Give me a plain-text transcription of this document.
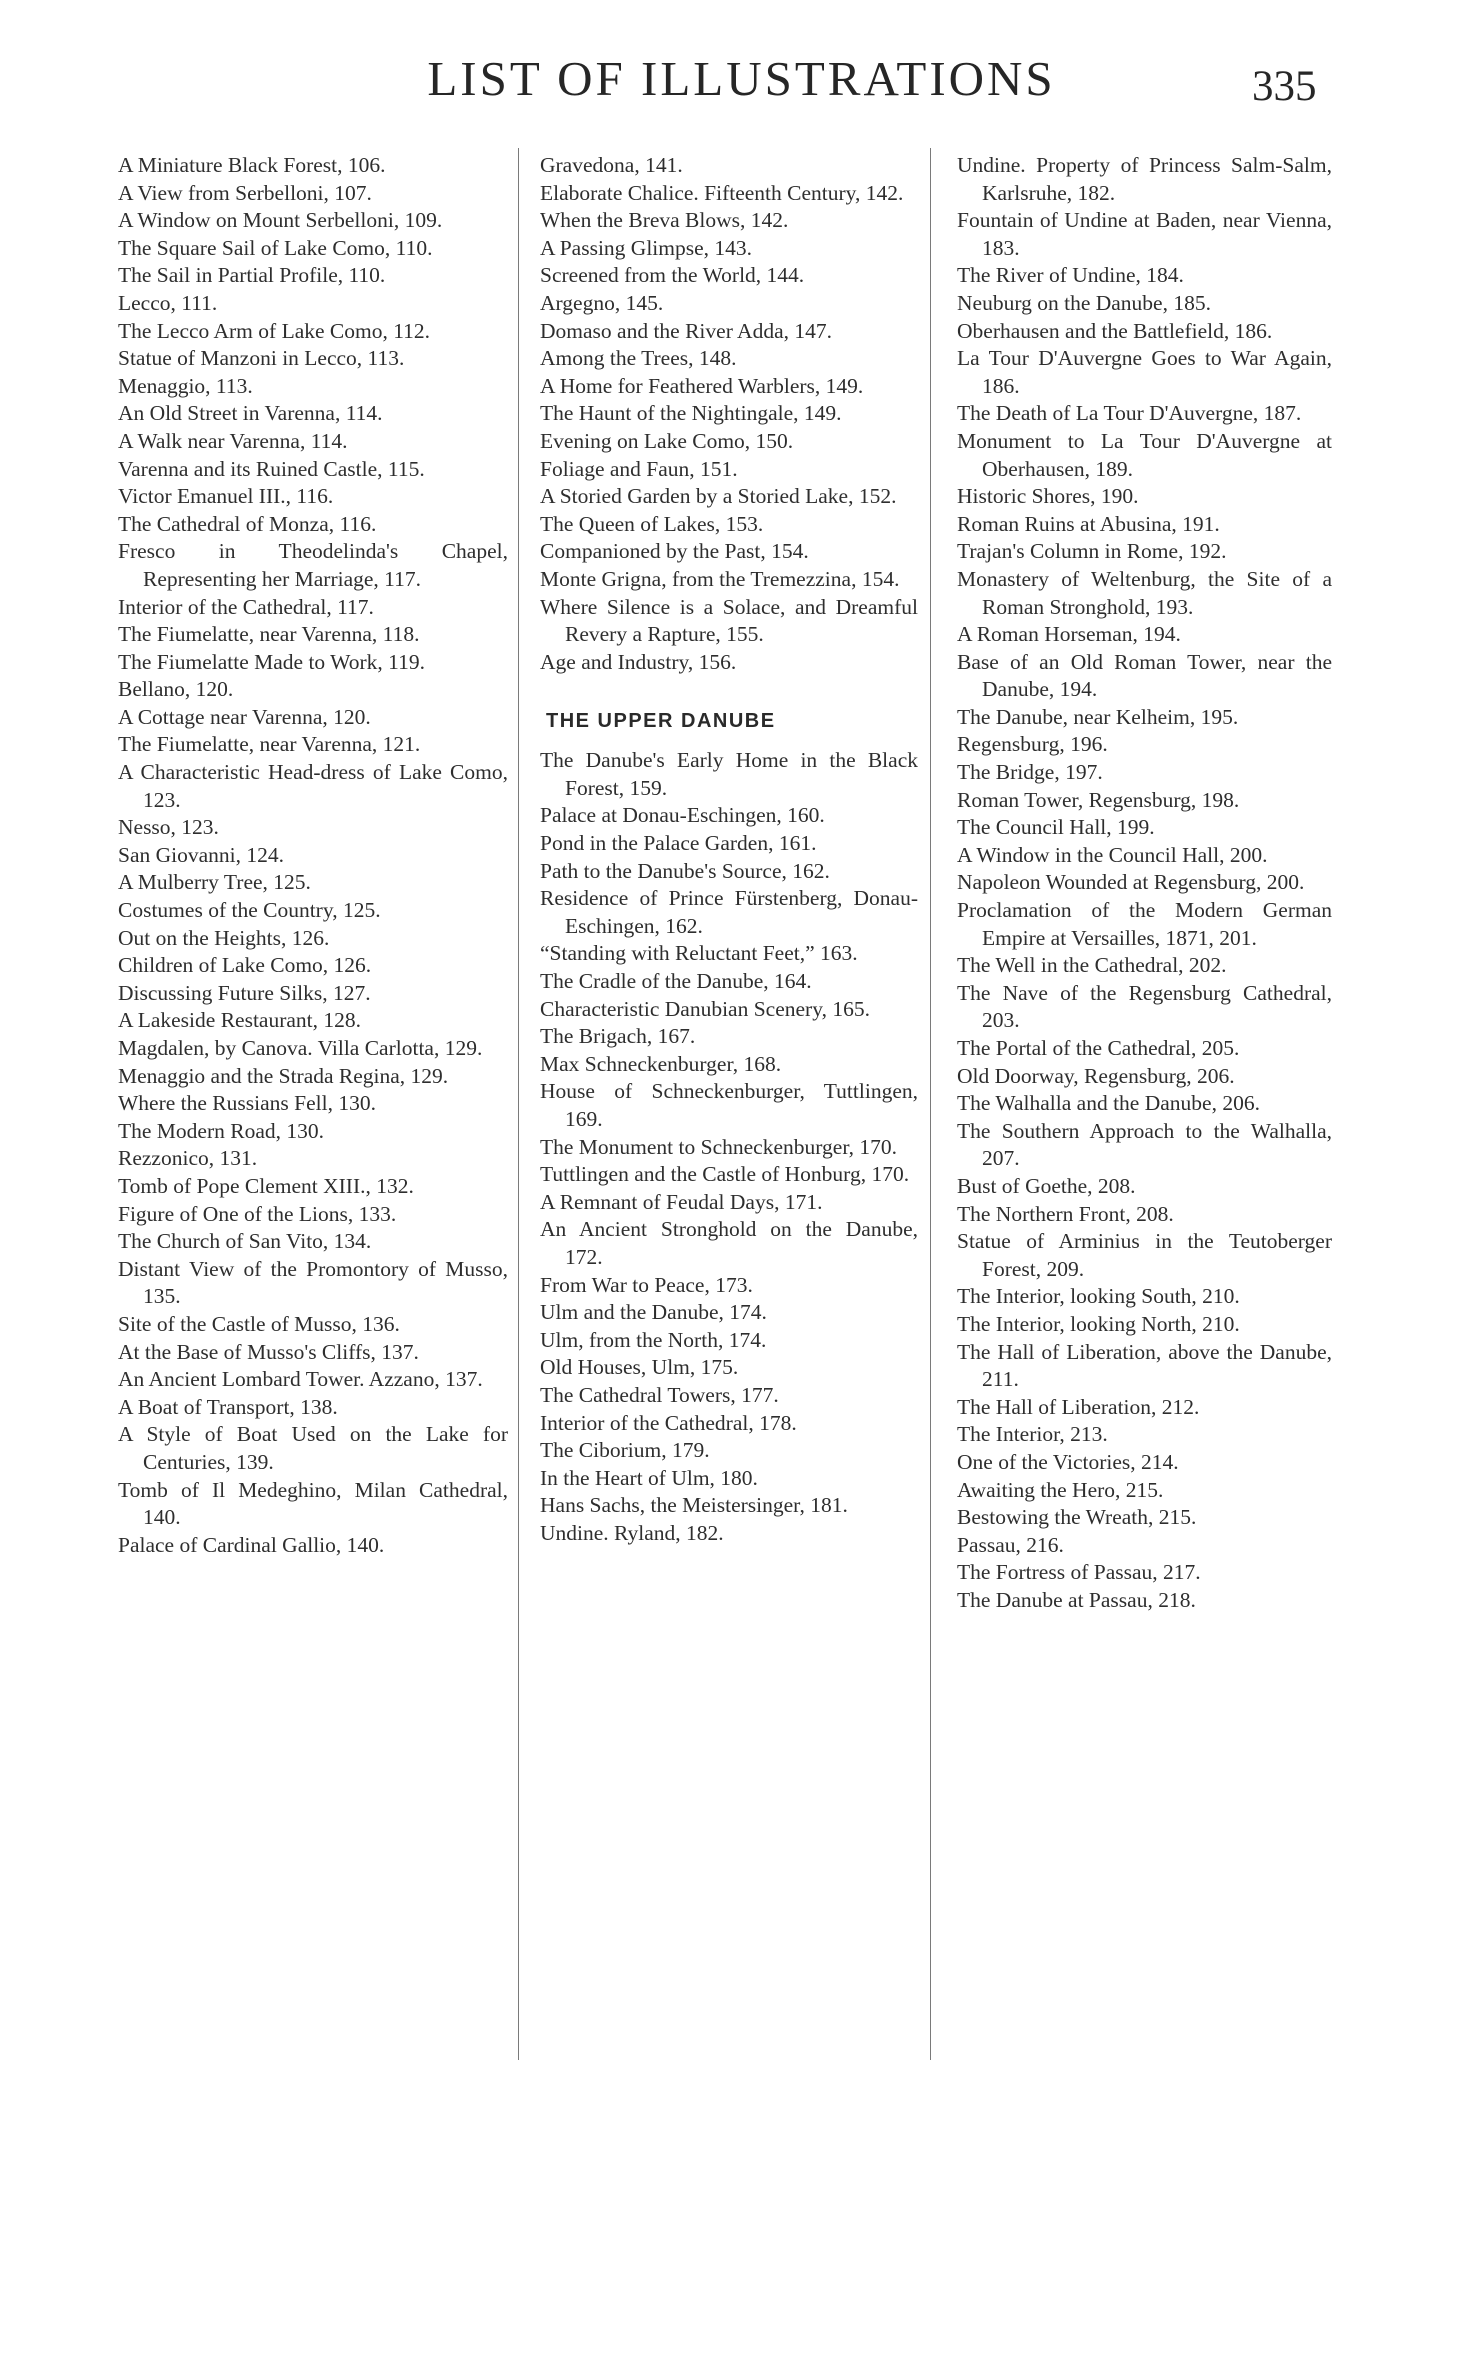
LIST OF ILLUSTRATIONS	335
A Miniature Black Forest, 106.
A View from Serbelloni, 107.
A Window on Mount Serbelloni, 109.
The Square Sail of Lake Como, 110.
The Sail in Partial Profile, 110.
Lecco, 111.
The Lecco Arm of Lake Como, 112.
Statue of Manzoni in Lecco, 113.
Menaggio, 113.
An Old Street in Varenna, 114.
A Walk near Varenna, 114.
Varenna and its Ruined Castle, 115.
Victor Emanuel III., 116.
The Cathedral of Monza, 116.
Fresco in Theodelinda's Chapel, Representing her Marriage, 117.
Interior of the Cathedral, 117.
The Fiumelatte, near Varenna, 118.
The Fiumelatte Made to Work, 119.
Bellano, 120.
A Cottage near Varenna, 120.
The Fiumelatte, near Varenna, 121.
A Characteristic Head-dress of Lake Como, 123.
Nesso, 123.
San Giovanni, 124.
A Mulberry Tree, 125.
Costumes of the Country, 125.
Out on the Heights, 126.
Children of Lake Como, 126.
Discussing Future Silks, 127.
A Lakeside Restaurant, 128.
Magdalen, by Canova. Villa Carlotta, 129.
Menaggio and the Strada Regina, 129.
Where the Russians Fell, 130.
The Modern Road, 130.
Rezzonico, 131.
Tomb of Pope Clement XIII., 132.
Figure of One of the Lions, 133.
The Church of San Vito, 134.
Distant View of the Promontory of Musso, 135.
Site of the Castle of Musso, 136.
At the Base of Musso's Cliffs, 137.
An Ancient Lombard Tower. Azzano, 137.
A Boat of Transport, 138.
A Style of Boat Used on the Lake for Centuries, 139.
Tomb of Il Medeghino, Milan Cathedral, 140.
Palace of Cardinal Gallio, 140.
Gravedona, 141.
Elaborate Chalice. Fifteenth Century, 142.
When the Breva Blows, 142.
A Passing Glimpse, 143.
Screened from the World, 144.
Argegno, 145.
Domaso and the River Adda, 147.
Among the Trees, 148.
A Home for Feathered Warblers, 149.
The Haunt of the Nightingale, 149.
Evening on Lake Como, 150.
Foliage and Faun, 151.
A Storied Garden by a Storied Lake, 152.
The Queen of Lakes, 153.
Companioned by the Past, 154.
Monte Grigna, from the Tremezzina, 154.
Where Silence is a Solace, and Dreamful Revery a Rapture, 155.
Age and Industry, 156.
THE UPPER DANUBE
The Danube's Early Home in the Black Forest, 159.
Palace at Donau-Eschingen, 160.
Pond in the Palace Garden, 161.
Path to the Danube's Source, 162.
Residence of Prince Fürstenberg, Donau-Eschingen, 162.
“Standing with Reluctant Feet,” 163.
The Cradle of the Danube, 164.
Characteristic Danubian Scenery, 165.
The Brigach, 167.
Max Schneckenburger, 168.
House of Schneckenburger, Tuttlingen, 169.
The Monument to Schneckenburger, 170.
Tuttlingen and the Castle of Honburg, 170.
A Remnant of Feudal Days, 171.
An Ancient Stronghold on the Danube, 172.
From War to Peace, 173.
Ulm and the Danube, 174.
Ulm, from the North, 174.
Old Houses, Ulm, 175.
The Cathedral Towers, 177.
Interior of the Cathedral, 178.
The Ciborium, 179.
In the Heart of Ulm, 180.
Hans Sachs, the Meistersinger, 181.
Undine. Ryland, 182.
Undine. Property of Princess Salm-Salm, Karlsruhe, 182.
Fountain of Undine at Baden, near Vienna, 183.
The River of Undine, 184.
Neuburg on the Danube, 185.
Oberhausen and the Battlefield, 186.
La Tour D'Auvergne Goes to War Again, 186.
The Death of La Tour D'Auvergne, 187.
Monument to La Tour D'Auvergne at Oberhausen, 189.
Historic Shores, 190.
Roman Ruins at Abusina, 191.
Trajan's Column in Rome, 192.
Monastery of Weltenburg, the Site of a Roman Stronghold, 193.
A Roman Horseman, 194.
Base of an Old Roman Tower, near the Danube, 194.
The Danube, near Kelheim, 195.
Regensburg, 196.
The Bridge, 197.
Roman Tower, Regensburg, 198.
The Council Hall, 199.
A Window in the Council Hall, 200.
Napoleon Wounded at Regensburg, 200.
Proclamation of the Modern German Empire at Versailles, 1871, 201.
The Well in the Cathedral, 202.
The Nave of the Regensburg Cathedral, 203.
The Portal of the Cathedral, 205.
Old Doorway, Regensburg, 206.
The Walhalla and the Danube, 206.
The Southern Approach to the Walhalla, 207.
Bust of Goethe, 208.
The Northern Front, 208.
Statue of Arminius in the Teutoberger Forest, 209.
The Interior, looking South, 210.
The Interior, looking North, 210.
The Hall of Liberation, above the Danube, 211.
The Hall of Liberation, 212.
The Interior, 213.
One of the Victories, 214.
Awaiting the Hero, 215.
Bestowing the Wreath, 215.
Passau, 216.
The Fortress of Passau, 217.
The Danube at Passau, 218.
